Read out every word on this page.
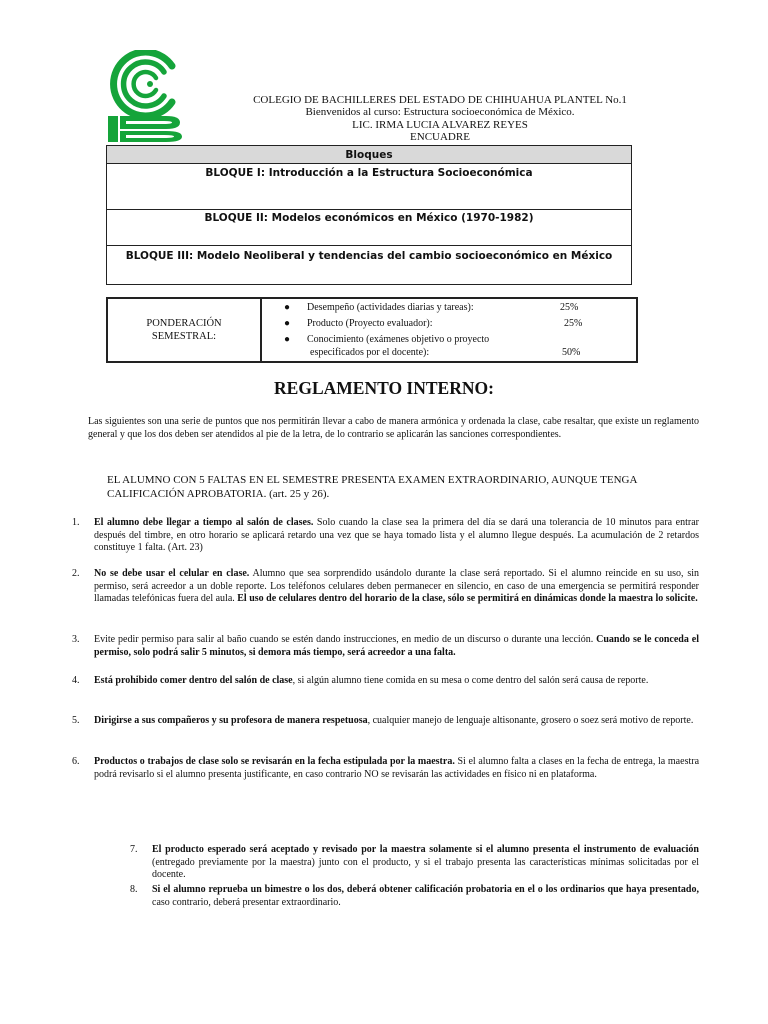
COLEGIO DE BACHILLERES DEL ESTADO DE CHIHUAHUA PLANTEL No.1
Bienvenidos al curso: Estructura socioeconómica de México.
LIC. IRMA LUCIA ALVAREZ REYES
ENCUADRE
Bloques
BLOQUE I: Introducción a la Estructura Socioeconómica
BLOQUE II: Modelos económicos en México (1970-1982)
BLOQUE III: Modelo Neoliberal y tendencias del cambio socioeconómico en México
PONDERACIÓN
SEMESTRAL:

● Desempeño (actividades diarias y tareas):	25%
● Producto (Proyecto evaluador):	25%
● Conocimiento (exámenes objetivo o proyecto
especificados por el docente):	50%
REGLAMENTO INTERNO:
Las siguientes son una serie de puntos que nos permitirán llevar a cabo de manera armónica y ordenada la clase, cabe resaltar, que existe un reglamento general y que los dos deben ser atendidos al pie de la letra, de lo contrario se aplicarán las sanciones correspondientes.
EL ALUMNO CON 5 FALTAS EN EL SEMESTRE PRESENTA EXAMEN EXTRAORDINARIO, AUNQUE TENGA
CALIFICACIÓN APROBATORIA. (art. 25 y 26).
1. El alumno debe llegar a tiempo al salón de clases. Solo cuando la clase sea la primera del día se dará una tolerancia de 10 minutos para entrar después del timbre, en otro horario se aplicará retardo una vez que se haya tomado lista y el alumno llegue después. La acumulación de 2 retardos constituye 1 falta. (Art. 23)
2. No se debe usar el celular en clase. Alumno que sea sorprendido usándolo durante la clase será reportado. Si el alumno reincide en su uso, sin permiso, será acreedor a un doble reporte. Los teléfonos celulares deben permanecer en silencio, en caso de una emergencia se permitirá responder llamadas telefónicas fuera del aula. El uso de celulares dentro del horario de la clase, sólo se permitirá en dinámicas donde la maestra lo solicite.
3. Evite pedir permiso para salir al baño cuando se estén dando instrucciones, en medio de un discurso o durante una lección. Cuando se le conceda el permiso, solo podrá salir 5 minutos, si demora más tiempo, será acreedor a una falta.
4. Está prohibido comer dentro del salón de clase, si algún alumno tiene comida en su mesa o come dentro del salón será causa de reporte.
5. Dirigirse a sus compañeros y su profesora de manera respetuosa, cualquier manejo de lenguaje altisonante, grosero o soez será motivo de reporte.
6. Productos o trabajos de clase solo se revisarán en la fecha estipulada por la maestra. Si el alumno falta a clases en la fecha de entrega, la maestra podrá revisarlo si el alumno presenta justificante, en caso contrario NO se revisarán las actividades en físico ni en plataforma.
7. El producto esperado será aceptado y revisado por la maestra solamente si el alumno presenta el instrumento de evaluación (entregado previamente por la maestra) junto con el producto, y si el trabajo presenta las características mínimas solicitadas por el docente.
8. Si el alumno reprueba un bimestre o los dos, deberá obtener calificación probatoria en el o los ordinarios que haya presentado, caso contrario, deberá presentar extraordinario.
